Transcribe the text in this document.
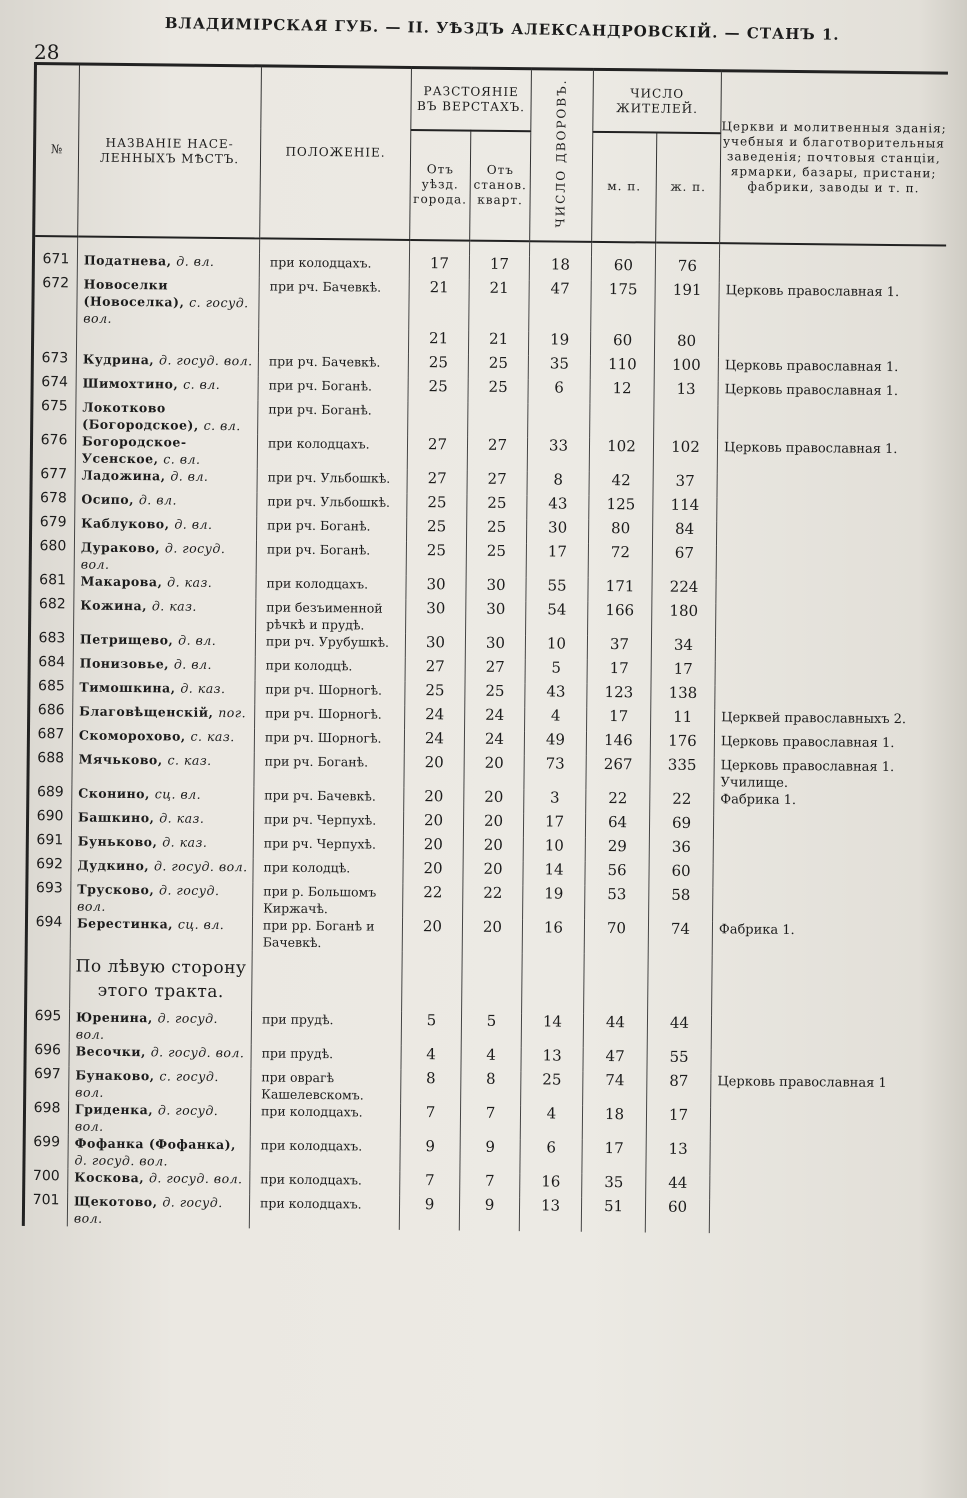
28
ВЛАДИМIРСКАЯ ГУБ. — II. УѢЗДЪ АЛЕКСАНДРОВСКIЙ. — СТАНЪ 1.
№	НАЗВАНIЕ НАСЕ-ЛЕННЫХЪ МѢСТЪ.	ПОЛОЖЕНIЕ.	РАЗСТОЯНIЕ ВЪ ВЕРСТАХЪ.		ЧИСЛО ДВОРОВЪ.	ЧИСЛО ЖИТЕЛЕЙ.		Церкви и молитвенныя зданія; учебныя и благотворительныя заведенія; почтовыя станціи, ярмарки, базары, пристани; фабрики, заводы и т. п.
			Отъ уѣзд. города.	Отъ станов. кварт.		м. п.	ж. п.	

671	Податнева, д. вл.	при колодцахъ.	17	17	18	60	76	
672	Новоселки (Новоселка), с. госуд. вол.	при рч. Бачевкѣ.	21	21	47	175	191	Церковь православная 1.
			21	21	19	60	80	
673	Кудрина, д. госуд. вол.	при рч. Бачевкѣ.	25	25	35	110	100	Церковь православная 1.
674	Шимохтино, с. вл.	при рч. Боганѣ.	25	25	6	12	13	Церковь православная 1.
675	Локотково (Богородское), с. вл.	при рч. Боганѣ.						
676	Богородское-Усенское, с. вл.	при колодцахъ.	27	27	33	102	102	Церковь православная 1.
677	Ладожина, д. вл.	при рч. Ульбошкѣ.	27	27	8	42	37	
678	Осипо, д. вл.	при рч. Ульбошкѣ.	25	25	43	125	114	
679	Каблуково, д. вл.	при рч. Боганѣ.	25	25	30	80	84	
680	Дураково, д. госуд. вол.	при рч. Боганѣ.	25	25	17	72	67	
681	Макарова, д. каз.	при колодцахъ.	30	30	55	171	224	
682	Кожина, д. каз.	при безъименной рѣчкѣ и прудѣ.	30	30	54	166	180	
683	Петрищево, д. вл.	при рч. Урубушкѣ.	30	30	10	37	34	
684	Понизовье, д. вл.	при колодцѣ.	27	27	5	17	17	
685	Тимошкина, д. каз.	при рч. Шорногѣ.	25	25	43	123	138	
686	Благовѣщенскій, пог.	при рч. Шорногѣ.	24	24	4	17	11	Церквей православныхъ 2.
687	Скоморохово, с. каз.	при рч. Шорногѣ.	24	24	49	146	176	Церковь православная 1.
688	Мячьково, с. каз.	при рч. Боганѣ.	20	20	73	267	335	Церковь православная 1. Училище.
689	Сконино, сц. вл.	при рч. Бачевкѣ.	20	20	3	22	22	Фабрика 1.
690	Башкино, д. каз.	при рч. Черпухѣ.	20	20	17	64	69	
691	Буньково, д. каз.	при рч. Черпухѣ.	20	20	10	29	36	
692	Дудкино, д. госуд. вол.	при колодцѣ.	20	20	14	56	60	
693	Трусково, д. госуд. вол.	при р. Большомъ Киржачѣ.	22	22	19	53	58	
694	Берестинка, сц. вл.	при рр. Боганѣ и Бачевкѣ.	20	20	16	70	74	Фабрика 1.
	По лѣвую сторону этого тракта.							
695	Юренина, д. госуд. вол.	при прудѣ.	5	5	14	44	44	
696	Весочки, д. госуд. вол.	при прудѣ.	4	4	13	47	55	
697	Бунаково, с. госуд. вол.	при оврагѣ Кашелевскомъ.	8	8	25	74	87	Церковь православная 1
698	Гриденка, д. госуд. вол.	при колодцахъ.	7	7	4	18	17	
699	Фофанка (Фофанка), д. госуд. вол.	при колодцахъ.	9	9	6	17	13	
700	Коскова, д. госуд. вол.	при колодцахъ.	7	7	16	35	44	
701	Щекотово, д. госуд. вол.	при колодцахъ.	9	9	13	51	60	
